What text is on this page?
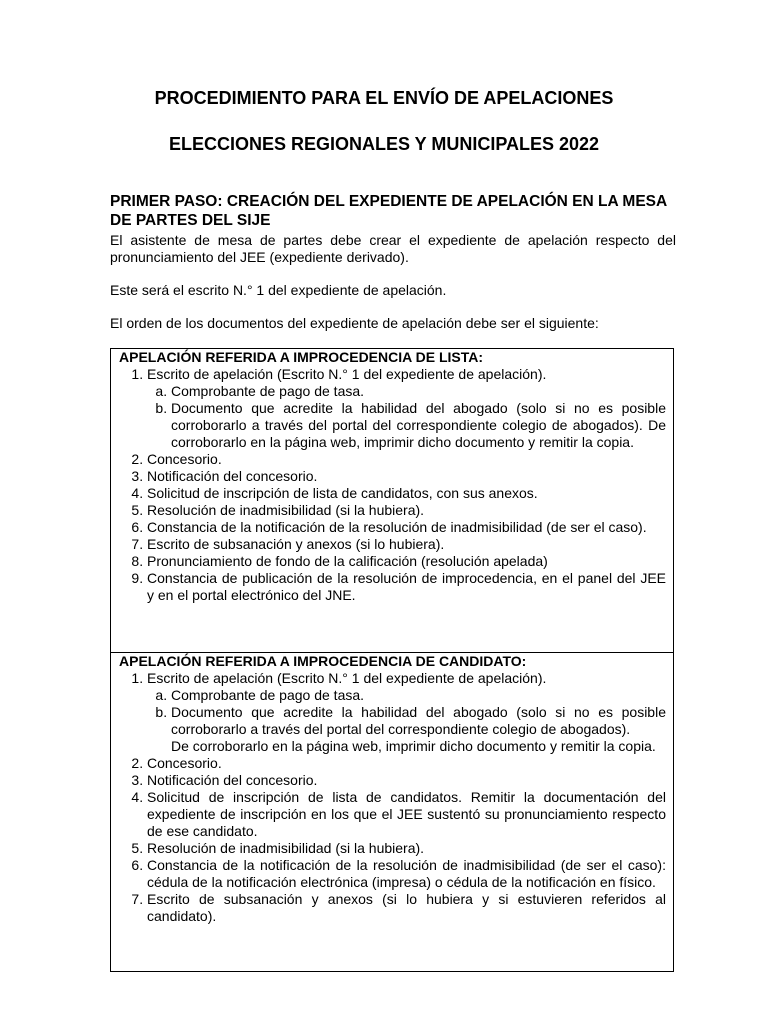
PROCEDIMIENTO PARA EL ENVÍO DE APELACIONES
ELECCIONES REGIONALES Y MUNICIPALES 2022
PRIMER PASO: CREACIÓN DEL EXPEDIENTE DE APELACIÓN EN LA MESA DE PARTES DEL SIJE

El asistente de mesa de partes debe crear el expediente de apelación respecto del pronunciamiento del JEE (expediente derivado).

Este será el escrito N.° 1 del expediente de apelación.

El orden de los documentos del expediente de apelación debe ser el siguiente:

APELACIÓN REFERIDA A IMPROCEDENCIA DE LISTA:
1. Escrito de apelación (Escrito N.° 1 del expediente de apelación).
a. Comprobante de pago de tasa.
b. Documento que acredite la habilidad del abogado (solo si no es posible corroborarlo a través del portal del correspondiente colegio de abogados). De corroborarlo en la página web, imprimir dicho documento y remitir la copia.
2. Concesorio.
3. Notificación del concesorio.
4. Solicitud de inscripción de lista de candidatos, con sus anexos.
5. Resolución de inadmisibilidad (si la hubiera).
6. Constancia de la notificación de la resolución de inadmisibilidad (de ser el caso).
7. Escrito de subsanación y anexos (si lo hubiera).
8. Pronunciamiento de fondo de la calificación (resolución apelada)
9. Constancia de publicación de la resolución de improcedencia, en el panel del JEE y en el portal electrónico del JNE.
APELACIÓN REFERIDA A IMPROCEDENCIA DE CANDIDATO:
1. Escrito de apelación (Escrito N.° 1 del expediente de apelación).
a. Comprobante de pago de tasa.
b. Documento que acredite la habilidad del abogado (solo si no es posible corroborarlo a través del portal del correspondiente colegio de abogados).
De corroborarlo en la página web, imprimir dicho documento y remitir la copia.
2. Concesorio.
3. Notificación del concesorio.
4. Solicitud de inscripción de lista de candidatos. Remitir la documentación del expediente de inscripción en los que el JEE sustentó su pronunciamiento respecto de ese candidato.
5. Resolución de inadmisibilidad (si la hubiera).
6. Constancia de la notificación de la resolución de inadmisibilidad (de ser el caso): cédula de la notificación electrónica (impresa) o cédula de la notificación en físico.
7. Escrito de subsanación y anexos (si lo hubiera y si estuvieren referidos al candidato).
